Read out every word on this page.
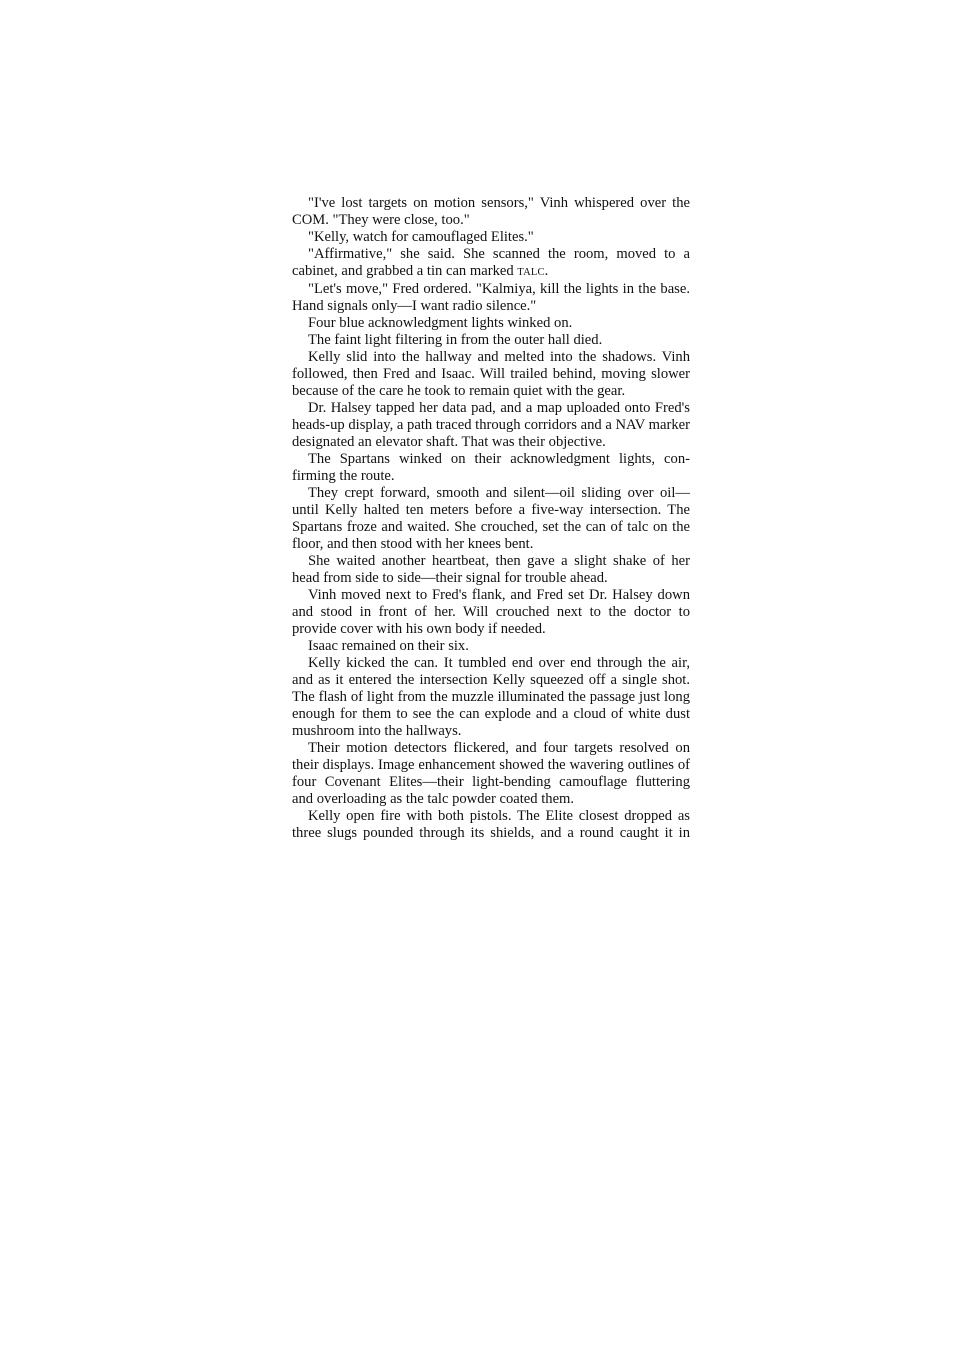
"I've lost targets on motion sensors," Vinh whispered over the COM. "They were close, too."

"Kelly, watch for camouflaged Elites."

"Affirmative," she said. She scanned the room, moved to a cabinet, and grabbed a tin can marked TALC.

"Let's move," Fred ordered. "Kalmiya, kill the lights in the base. Hand signals only—I want radio silence."

Four blue acknowledgment lights winked on.

The faint light filtering in from the outer hall died.

Kelly slid into the hallway and melted into the shadows. Vinh followed, then Fred and Isaac. Will trailed behind, moving slower because of the care he took to remain quiet with the gear.

Dr. Halsey tapped her data pad, and a map uploaded onto Fred's heads-up display, a path traced through corridors and a NAV marker designated an elevator shaft. That was their objective.

The Spartans winked on their acknowledgment lights, confirming the route.

They crept forward, smooth and silent—oil sliding over oil—until Kelly halted ten meters before a five-way intersection. The Spartans froze and waited. She crouched, set the can of talc on the floor, and then stood with her knees bent.

She waited another heartbeat, then gave a slight shake of her head from side to side—their signal for trouble ahead.

Vinh moved next to Fred's flank, and Fred set Dr. Halsey down and stood in front of her. Will crouched next to the doctor to provide cover with his own body if needed.

Isaac remained on their six.

Kelly kicked the can. It tumbled end over end through the air, and as it entered the intersection Kelly squeezed off a single shot. The flash of light from the muzzle illuminated the passage just long enough for them to see the can explode and a cloud of white dust mushroom into the hallways.

Their motion detectors flickered, and four targets resolved on their displays. Image enhancement showed the wavering outlines of four Covenant Elites—their light-bending camouflage fluttering and overloading as the talc powder coated them.

Kelly open fire with both pistols. The Elite closest dropped as three slugs pounded through its shields, and a round caught it in
